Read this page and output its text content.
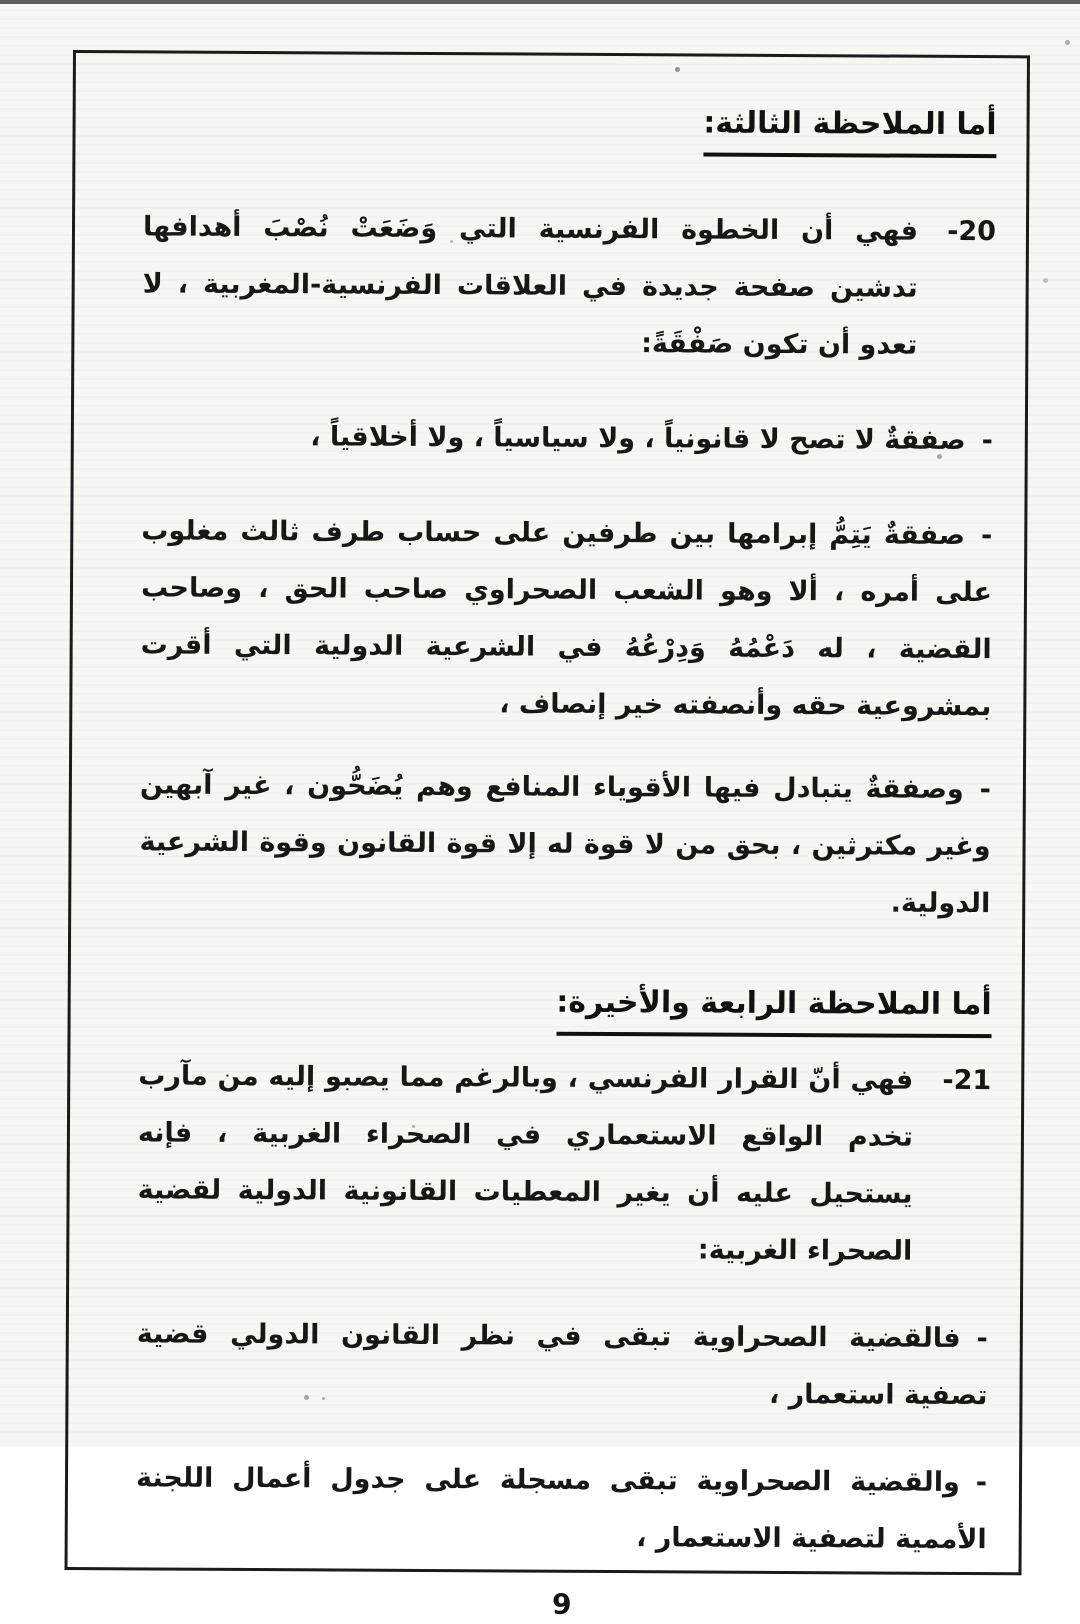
أما الملاحظة الثالثة:
20-

فهي أن الخطوة الفرنسية التي وَضَعَتْ نُصْبَ أهدافها تدشين صفحة جديدة في العلاقات الفرنسية-المغربية ، لا تعدو أن تكون صَفْقَةً:

-صفقةٌ لا تصح لا قانونياً ، ولا سياسياً ، ولا أخلاقياً ،

-صفقةٌ يَتِمُّ إبرامها بين طرفين على حساب طرف ثالث مغلوب على أمره ، ألا وهو الشعب الصحراوي صاحب الحق ، وصاحب القضية ، له دَعْمُهُ وَدِرْعُهُ في الشرعية الدولية التي أقرت بمشروعية حقه وأنصفته خير إنصاف ،

-وصفقةٌ يتبادل فيها الأقوياء المنافع وهم يُضَحُّون ، غير آبهين وغير مكترثين ، بحق من لا قوة له إلا قوة القانون وقوة الشرعية الدولية.

أما الملاحظة الرابعة والأخيرة:
21-

فهي أنّ القرار الفرنسي ، وبالرغم مما يصبو إليه من مآرب تخدم الواقع الاستعماري في الصحراء الغربية ، فإنه يستحيل عليه أن يغير المعطيات القانونية الدولية لقضية الصحراء الغربية:

-فالقضية الصحراوية تبقى في نظر القانون الدولي قضية تصفية استعمار ،

-والقضية الصحراوية تبقى مسجلة على جدول أعمال اللجنة الأممية لتصفية الاستعمار ،

9
